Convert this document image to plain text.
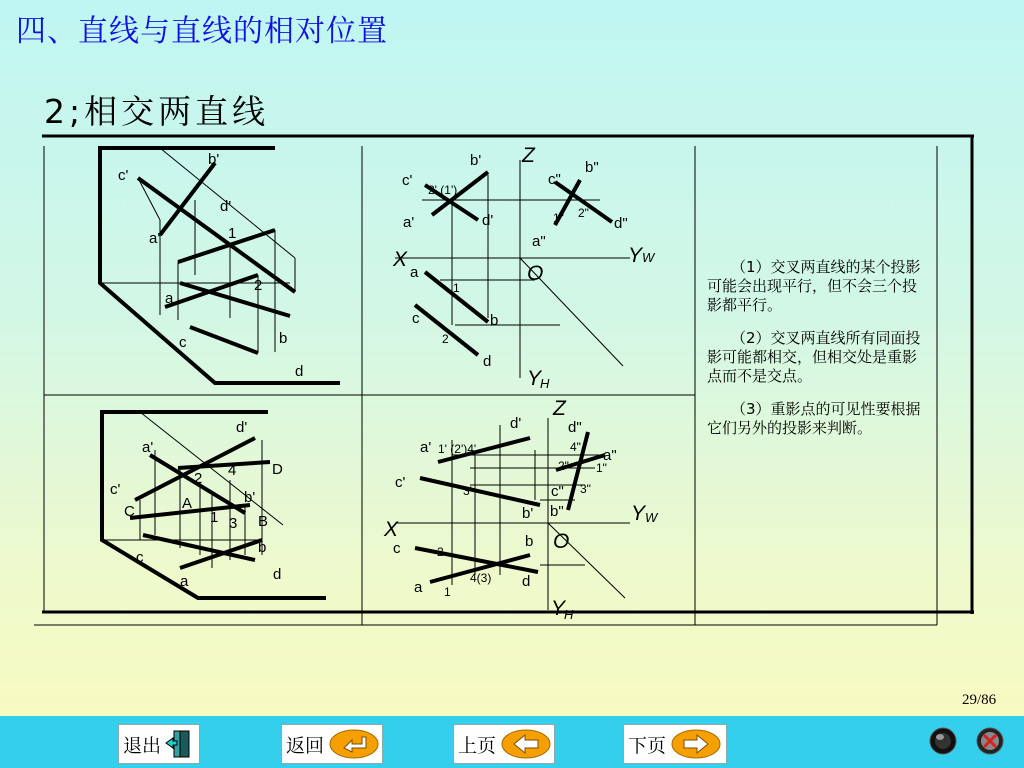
四、直线与直线的相对位置
2;相交两直线
c'
b'
d'
a'	1
2
a
b
c
d
b'
c'
2' (1')
a'	d'
c"
b"
1" 2"
d"
a"
a
1
b
c
2
d
Z
X	Y
O
Y
W
H
d'
a'
D
4
2
c'
A	b'
C	1 3 B
b
c
d
a
d'	d"
a' 1' (2')4'	4" a"
2" 1"
c'	3'	c" 3"
b' b"
b
c	2
4(3) d
a 1
Z
X
Y
O
Y
W
H

（1）交叉两直线的某个投影可能会出现平行，但不会三个投影都平行。

（2）交叉两直线所有同面投影可能都相交，但相交处是重影点而不是交点。

（3）重影点的可见性要根据它们另外的投影来判断。

29/86
退出	返回	上页	下页
